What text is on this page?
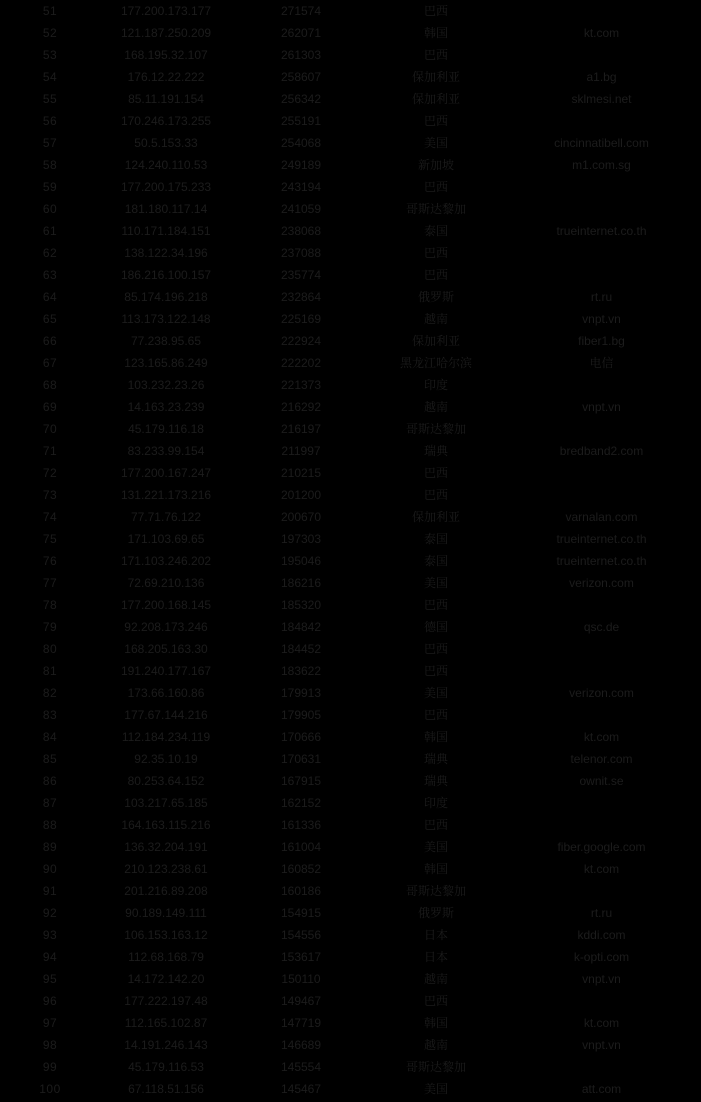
51	177.200.173.177	271574	巴西
52	121.187.250.209	262071	韩国	kt.com
53	168.195.32.107	261303	巴西
54	176.12.22.222	258607	保加利亚	a1.bg
55	85.11.191.154	256342	保加利亚	sklmesi.net
56	170.246.173.255	255191	巴西
57	50.5.153.33	254068	美国	cincinnatibell.com
58	124.240.110.53	249189	新加坡	m1.com.sg
59	177.200.175.233	243194	巴西
60	181.180.117.14	241059	哥斯达黎加
61	110.171.184.151	238068	泰国	trueinternet.co.th
62	138.122.34.196	237088	巴西
63	186.216.100.157	235774	巴西
64	85.174.196.218	232864	俄罗斯	rt.ru
65	113.173.122.148	225169	越南	vnpt.vn
66	77.238.95.65	222924	保加利亚	fiber1.bg
67	123.165.86.249	222202	黑龙江哈尔滨	电信
68	103.232.23.26	221373	印度
69	14.163.23.239	216292	越南	vnpt.vn
70	45.179.116.18	216197	哥斯达黎加
71	83.233.99.154	211997	瑞典	bredband2.com
72	177.200.167.247	210215	巴西
73	131.221.173.216	201200	巴西
74	77.71.76.122	200670	保加利亚	varnalan.com
75	171.103.69.65	197303	泰国	trueinternet.co.th
76	171.103.246.202	195046	泰国	trueinternet.co.th
77	72.69.210.136	186216	美国	verizon.com
78	177.200.168.145	185320	巴西
79	92.208.173.246	184842	德国	qsc.de
80	168.205.163.30	184452	巴西
81	191.240.177.167	183622	巴西
82	173.66.160.86	179913	美国	verizon.com
83	177.67.144.216	179905	巴西
84	112.184.234.119	170666	韩国	kt.com
85	92.35.10.19	170631	瑞典	telenor.com
86	80.253.64.152	167915	瑞典	ownit.se
87	103.217.65.185	162152	印度
88	164.163.115.216	161336	巴西
89	136.32.204.191	161004	美国	fiber.google.com
90	210.123.238.61	160852	韩国	kt.com
91	201.216.89.208	160186	哥斯达黎加
92	90.189.149.111	154915	俄罗斯	rt.ru
93	106.153.163.12	154556	日本	kddi.com
94	112.68.168.79	153617	日本	k-opti.com
95	14.172.142.20	150110	越南	vnpt.vn
96	177.222.197.48	149467	巴西
97	112.165.102.87	147719	韩国	kt.com
98	14.191.246.143	146689	越南	vnpt.vn
99	45.179.116.53	145554	哥斯达黎加
100	67.118.51.156	145467	美国	att.com
